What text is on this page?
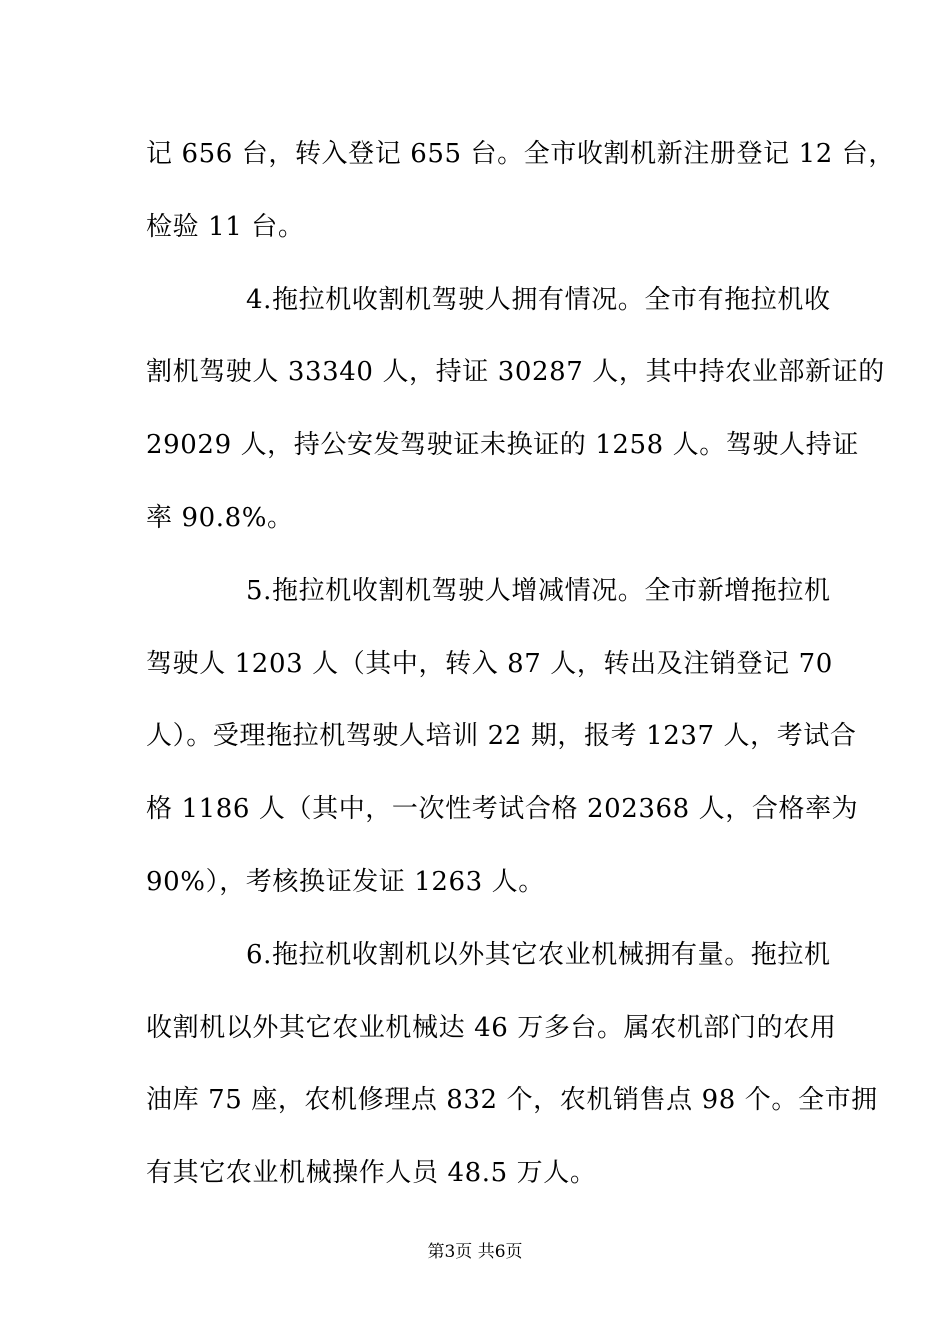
记 656 台，转入登记 655 台。全市收割机新注册登记 12 台，
检验 11 台。
4.拖拉机收割机驾驶人拥有情况。全市有拖拉机收
割机驾驶人 33340 人，持证 30287 人，其中持农业部新证的
29029 人，持公安发驾驶证未换证的 1258 人。驾驶人持证
率 90.8%。
5.拖拉机收割机驾驶人增减情况。全市新增拖拉机
驾驶人 1203 人（其中，转入 87 人，转出及注销登记 70
人）。受理拖拉机驾驶人培训 22 期，报考 1237 人，考试合
格 1186 人（其中，一次性考试合格 202368 人，合格率为
90%），考核换证发证 1263 人。
6.拖拉机收割机以外其它农业机械拥有量。拖拉机
收割机以外其它农业机械达 46 万多台。属农机部门的农用
油库 75 座，农机修理点 832 个，农机销售点 98 个。全市拥
有其它农业机械操作人员 48.5 万人。
第3页 共6页
